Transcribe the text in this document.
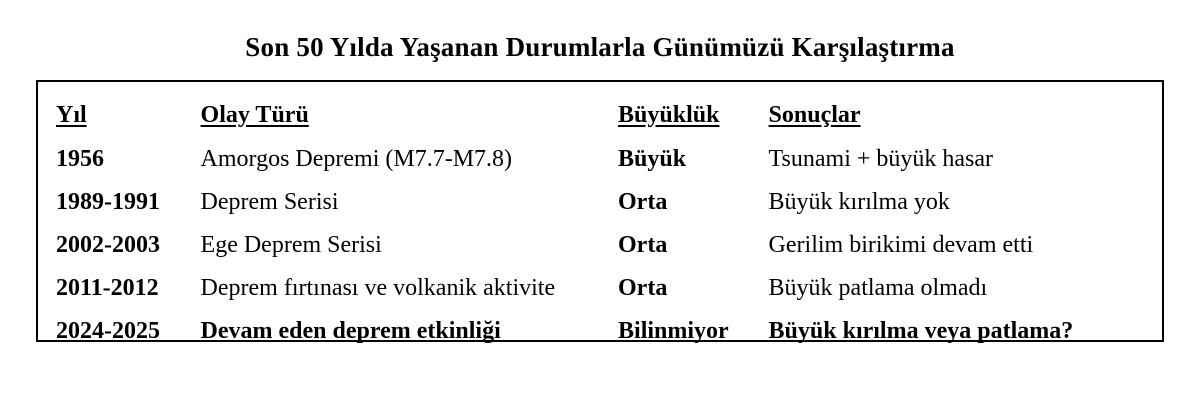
Son 50 Yılda Yaşanan Durumlarla Günümüzü Karşılaştırma
Yıl	Olay Türü	Büyüklük	Sonuçlar
1956	Amorgos Depremi (M7.7-M7.8)	Büyük	Tsunami + büyük hasar
1989-1991	Deprem Serisi	Orta	Büyük kırılma yok
2002-2003	Ege Deprem Serisi	Orta	Gerilim birikimi devam etti
2011-2012	Deprem fırtınası ve volkanik aktivite	Orta	Büyük patlama olmadı
2024-2025	Devam eden deprem etkinliği	Bilinmiyor	Büyük kırılma veya patlama?
